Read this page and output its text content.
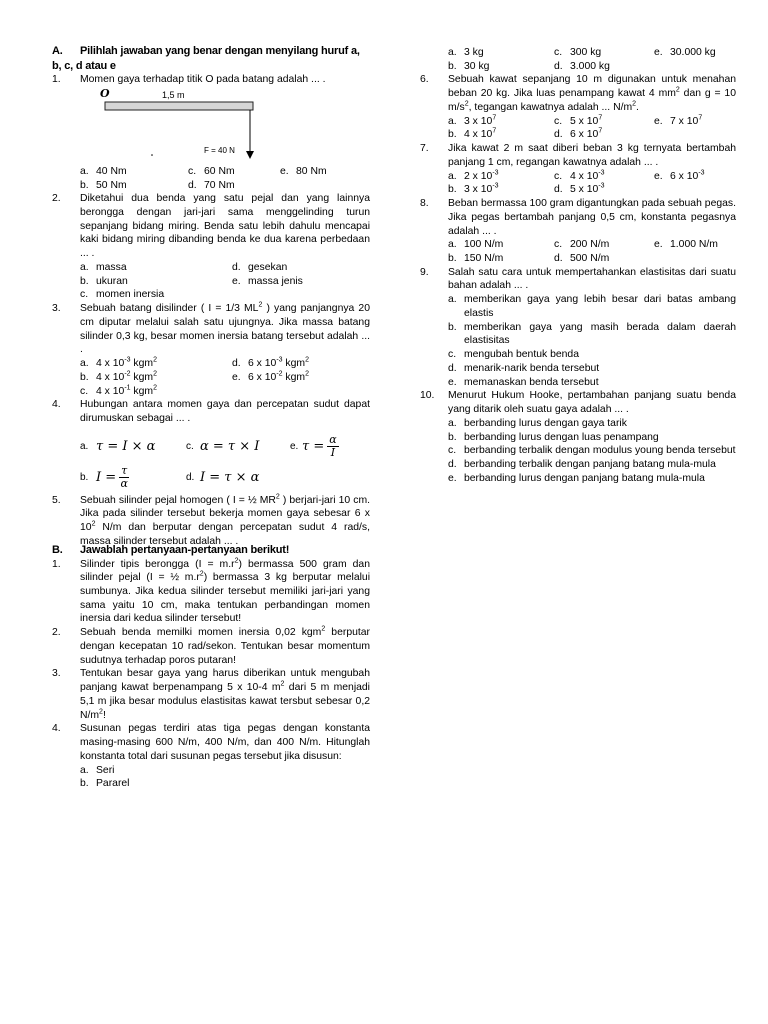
A. Pilihlah jawaban yang benar dengan menyilang huruf a, b, c, d atau e
1.	Momen gaya terhadap titik O pada batang adalah ... .
O	1,5 m
F = 40 N
a. 40 Nm	c. 60 Nm	e. 80 Nm
b. 50 Nm	d. 70 Nm
2.	Diketahui dua benda yang satu pejal dan yang lainnya berongga dengan jari-jari sama menggelinding turun sepanjang bidang miring. Benda satu lebih dahulu mencapai kaki bidang miring dibanding benda ke dua karena perbedaan ... .
a. massa	d. gesekan
b. ukuran	e. massa jenis
c. momen inersia
3.	Sebuah batang disilinder ( I = 1/3 $ML^2$ ) yang panjangnya 20 cm diputar melalui salah satu ujungnya. Jika massa batang silinder 0,3 kg, besar momen inersia batang tersebut adalah ... .
a. 4 x $10^{-3}$ kgm$^2$	d. 6 x $10^{-3}$ kgm$^2$
b. 4 x $10^{-2}$ kgm$^2$	e. 6 x $10^{-2}$ kgm$^2$
c. 4 x $10^{-1}$ kgm$^2$
4.	Hubungan antara momen gaya dan percepatan sudut dapat dirumuskan sebagai ... .
a. τ = I × α	c. α = τ × I	e. $\tau = \frac{\alpha}{I}$
b. $I = \frac{\tau}{\alpha}$	d. I = τ × α
5.	Sebuah silinder pejal homogen ( I = ½ $MR^2$ ) berjari-jari 10 cm. Jika pada silinder tersebut bekerja momen gaya sebesar 6 x $10^2$ N/m dan berputar dengan percepatan sudut 4 rad/s, massa silinder tersebut adalah ... .
a. 3 kg	c. 300 kg	e. 30.000 kg
b. 30 kg	d. 3.000 kg
6.	Sebuah kawat sepanjang 10 m digunakan untuk menahan beban 20 kg. Jika luas penampang kawat 4 $mm^2$ dan g = 10 $m/s^2$, tegangan kawatnya adalah ... $N/m^2$.
a. 3 x $10^7$	c. 5 x $10^7$	e. 7 x $10^7$
b. 4 x $10^7$	d. 6 x $10^7$
7.	Jika kawat 2 m saat diberi beban 3 kg ternyata bertambah panjang 1 cm, regangan kawatnya adalah ... .
a. 2 x $10^{-3}$	c. 4 x $10^{-3}$	e. 6 x $10^{-3}$
b. 3 x $10^{-3}$	d. 5 x $10^{-3}$
8.	Beban bermassa 100 gram digantungkan pada sebuah pegas. Jika pegas bertambah panjang 0,5 cm, konstanta pegasnya adalah ... .
a. 100 N/m	c. 200 N/m	e. 1.000 N/m
b. 150 N/m	d. 500 N/m
9.	Salah satu cara untuk mempertahankan elastisitas dari suatu bahan adalah ... .
a. memberikan gaya yang lebih besar dari batas ambang elastis
b. memberikan gaya yang masih berada dalam daerah elastisitas
c. mengubah bentuk benda
d. menarik-narik benda tersebut
e. memanaskan benda tersebut
10.	Menurut Hukum Hooke, pertambahan panjang suatu benda yang ditarik oleh suatu gaya adalah ... .
a. berbanding lurus dengan gaya tarik
b. berbanding lurus dengan luas penampang
c. berbanding terbalik dengan modulus young benda tersebut
d. berbanding terbalik dengan panjang batang mula-mula
e. berbanding lurus dengan panjang batang mula-mula
B. Jawablah pertanyaan-pertanyaan berikut!
1.	Silinder tipis berongga $(I = m.r^2)$ bermassa 500 gram dan silinder pejal (I = ½ $m.r^2$) bermassa 3 kg berputar melalui sumbunya. Jika kedua silinder tersebut memiliki jari-jari yang sama yaitu 10 cm, maka tentukan perbandingan momen inersia dari kedua silinder tersebut!
2.	Sebuah benda memilki momen inersia 0,02 kgm$^2$ berputar dengan kecepatan 10 rad/sekon. Tentukan besar momentum sudutnya terhadap poros putaran!
3.	Tentukan besar gaya yang harus diberikan untuk mengubah panjang kawat berpenampang 5 x 10-4 $m^2$ dari 5 m menjadi 5,1 m jika besar modulus elastisitas kawat tersbut sebesar 0,2 $N/m^2$!
4.	Susunan pegas terdiri atas tiga pegas dengan konstanta masing-masing 600 N/m, 400 N/m, dan 400 N/m. Hitunglah konstanta total dari susunan pegas tersebut jika disusun:
a. Seri
b. Pararel
